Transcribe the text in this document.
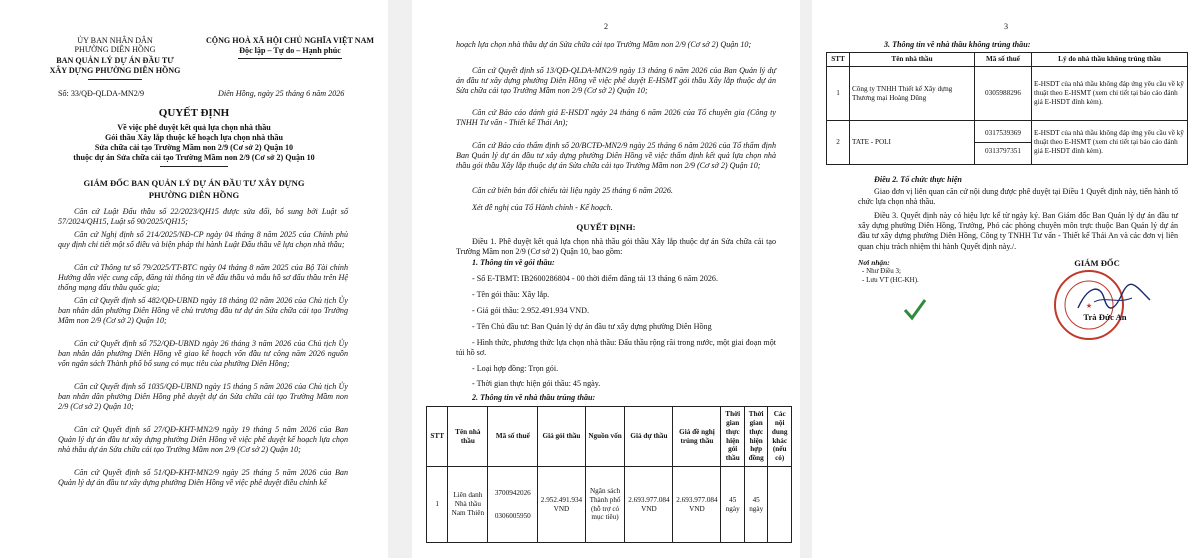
ỦY BAN NHÂN DÂN
PHƯỜNG DIÊN HỒNG
BAN QUẢN LÝ DỰ ÁN ĐẦU TƯ
XÂY DỰNG PHƯỜNG DIÊN HỒNG
CỘNG HOÀ XÃ HỘI CHỦ NGHĨA VIỆT NAM
Độc lập – Tự do – Hạnh phúc
Số: 33/QĐ-QLDA-MN2/9	Diên Hồng, ngày 25 tháng 6 năm 2026
QUYẾT ĐỊNH
Về việc phê duyệt kết quả lựa chọn nhà thầu
Gói thầu Xây lắp thuộc kế hoạch lựa chọn nhà thầu
Sửa chữa cải tạo Trường Mầm non 2/9 (Cơ sở 2) Quận 10
thuộc dự án Sửa chữa cải tạo Trường Mầm non 2/9 (Cơ sở 2) Quận 10
GIÁM ĐỐC BAN QUẢN LÝ DỰ ÁN ĐẦU TƯ XÂY DỰNG
PHƯỜNG DIÊN HỒNG
Căn cứ Luật Đấu thầu số 22/2023/QH15 được sửa đổi, bổ sung bởi Luật số 57/2024/QH15, Luật số 90/2025/QH15;
Căn cứ Nghị định số 214/2025/NĐ-CP ngày 04 tháng 8 năm 2025 của Chính phủ quy định chi tiết một số điều và biện pháp thi hành Luật Đấu thầu về lựa chọn nhà thầu;
Căn cứ Thông tư số 79/2025/TT-BTC ngày 04 tháng 8 năm 2025 của Bộ Tài chính Hướng dẫn việc cung cấp, đăng tải thông tin về đấu thầu và mẫu hồ sơ đấu thầu trên Hệ thống mạng đấu thầu quốc gia;
Căn cứ Quyết định số 482/QĐ-UBND ngày 18 tháng 02 năm 2026 của Chủ tịch Ủy ban nhân dân phường Diên Hồng về chủ trương đầu tư dự án Sửa chữa cải tạo Trường Mầm non 2/9 (Cơ sở 2) Quận 10;
Căn cứ Quyết định số 752/QĐ-UBND ngày 26 tháng 3 năm 2026 của Chủ tịch Ủy ban nhân dân phường Diên Hồng về giao kế hoạch vốn đầu tư công năm 2026 nguồn vốn ngân sách Thành phố bổ sung có mục tiêu của phường Diên Hồng;
Căn cứ Quyết định số 1035/QĐ-UBND ngày 15 tháng 5 năm 2026 của Chủ tịch Ủy ban nhân dân phường Diên Hồng phê duyệt dự án Sửa chữa cải tạo Trường Mầm non 2/9 (Cơ sở 2) Quận 10;
Căn cứ Quyết định số 27/QĐ-KHT-MN2/9 ngày 19 tháng 5 năm 2026 của Ban Quản lý dự án đầu tư xây dựng phường Diên Hồng về việc phê duyệt kế hoạch lựa chọn nhà thầu dự án Sửa chữa cải tạo Trường Mầm non 2/9 (Cơ sở 2) Quận 10;
Căn cứ Quyết định số 51/QĐ-KHT-MN2/9 ngày 25 tháng 5 năm 2026 của Ban Quản lý dự án đầu tư xây dựng phường Diên Hồng về việc phê duyệt điều chỉnh kế
2
hoạch lựa chọn nhà thầu dự án Sửa chữa cải tạo Trường Mầm non 2/9 (Cơ sở 2) Quận 10;
Căn cứ Quyết định số 13/QĐ-QLDA-MN2/9 ngày 13 tháng 6 năm 2026 của Ban Quản lý dự án đầu tư xây dựng phường Diên Hồng về việc phê duyệt E-HSMT gói thầu Xây lắp thuộc dự án Sửa chữa cải tạo Trường Mầm non 2/9 (Cơ sở 2) Quận 10;
Căn cứ Báo cáo đánh giá E-HSDT ngày 24 tháng 6 năm 2026 của Tổ chuyên gia (Công ty TNHH Tư vấn - Thiết kế Thái An);
Căn cứ Báo cáo thẩm định số 20/BCTĐ-MN2/9 ngày 25 tháng 6 năm 2026 của Tổ thẩm định Ban Quản lý dự án đầu tư xây dựng phường Diên Hồng về việc thẩm định kết quả lựa chọn nhà thầu gói thầu Xây lắp thuộc dự án Sửa chữa cải tạo Trường Mầm non 2/9 (Cơ sở 2) Quận 10;
Căn cứ biên bản đối chiếu tài liệu ngày 25 tháng 6 năm 2026.
Xét đề nghị của Tổ Hành chính - Kế hoạch.
QUYẾT ĐỊNH:
Điều 1. Phê duyệt kết quả lựa chọn nhà thầu gói thầu Xây lắp thuộc dự án Sửa chữa cải tạo Trường Mầm non 2/9 (Cơ sở 2) Quận 10, bao gồm:
1. Thông tin về gói thầu:
- Số E-TBMT: IB2600286804 - 00 thời điểm đăng tải 13 tháng 6 năm 2026.
- Tên gói thầu: Xây lắp.
- Giá gói thầu: 2.952.491.934 VND.
- Tên Chủ đầu tư: Ban Quản lý dự án đầu tư xây dựng phường Diên Hồng
- Hình thức, phương thức lựa chọn nhà thầu: Đấu thầu rộng rãi trong nước, một giai đoạn một túi hồ sơ.
- Loại hợp đồng: Trọn gói.
- Thời gian thực hiện gói thầu: 45 ngày.
2. Thông tin về nhà thầu trúng thầu:
STT	Tên nhà thầu	Mã số thuế	Giá gói thầu	Nguồn vốn	Giá dự thầu	Giá đề nghị trúng thầu	Thời gian thực hiện gói thầu	Thời gian thực hiện hợp đồng	Các nội dung khác (nếu có)
1	Liên danh Nhà thầu Nam Thiên	3700942026
0306005950	2.952.491.934 VND	Ngân sách Thành phố (hỗ trợ có mục tiêu)	2.693.977.084 VND	2.693.977.084 VND	45 ngày	45 ngày	
3
3. Thông tin về nhà thầu không trúng thầu:
STT	Tên nhà thầu	Mã số thuế	Lý do nhà thầu không trúng thầu
1	Công ty TNHH Thiết kế Xây dựng Thương mại Hoàng Dũng	0305988296	E-HSDT của nhà thầu không đáp ứng yêu cầu về kỹ thuật theo E-HSMT (xem chi tiết tại báo cáo đánh giá E-HSDT đính kèm).
2	TATE - POLI	0317539369
0313797351	E-HSDT của nhà thầu không đáp ứng yêu cầu về kỹ thuật theo E-HSMT (xem chi tiết tại báo cáo đánh giá E-HSDT đính kèm).
Điều 2. Tổ chức thực hiện
Giao đơn vị liên quan căn cứ nội dung được phê duyệt tại Điều 1 Quyết định này, tiến hành tổ chức lựa chọn nhà thầu.
Điều 3. Quyết định này có hiệu lực kể từ ngày ký. Ban Giám đốc Ban Quản lý dự án đầu tư xây dựng phường Diên Hồng, Trưởng, Phó các phòng chuyên môn trực thuộc Ban Quản lý dự án đầu tư xây dựng phường Diên Hồng, Công ty TNHH Tư vấn - Thiết kế Thái An và các đơn vị liên quan chịu trách nhiệm thi hành Quyết định này./.
Nơi nhận:
- Như Điều 3;
- Lưu VT (HC-KH).
GIÁM ĐỐC
★
Trà Đức An
